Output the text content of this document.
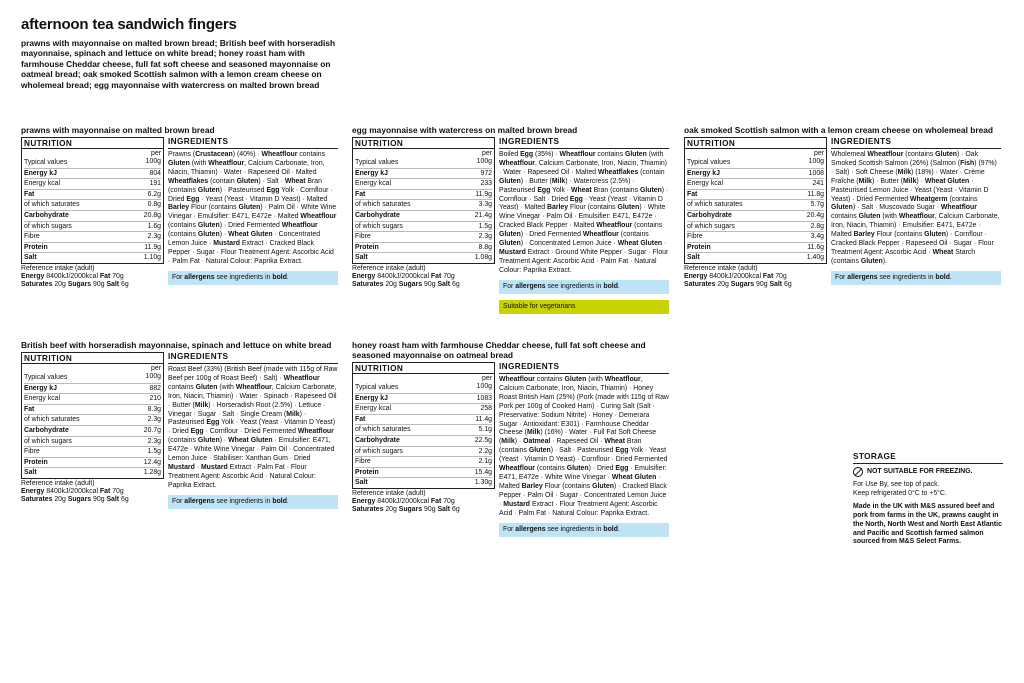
afternoon tea sandwich fingers
prawns with mayonnaise on malted brown bread; British beef with horseradish mayonnaise, spinach and lettuce on white bread; honey roast ham with farmhouse Cheddar cheese, full fat soft cheese and seasoned mayonnaise on oatmeal bread; oak smoked Scottish salmon with a lemon cream cheese on wholemeal bread; egg mayonnaise with watercress on malted brown bread
prawns with mayonnaise on malted brown bread
NUTRITION
per
100g
Typical values
Energy kJ	804
Energy kcal	191
Fat	6.2g
of which saturates	0.8g
Carbohydrate	20.8g
of which sugars	1.6g
Fibre	2.3g
Protein	11.9g
Salt	1.10g
Reference intake (adult)
Energy 8400kJ/2000kcal Fat 70g
Saturates 20g Sugars 90g Salt 6g
INGREDIENTS
Prawns (Crustacean) (40%) · Wheatflour contains Gluten (with Wheatflour, Calcium Carbonate, Iron, Niacin, Thiamin) · Water · Rapeseed Oil · Malted Wheatflakes (contain Gluten) · Salt · Wheat Bran (contains Gluten) · Pasteurised Egg Yolk · Cornflour · Dried Egg · Yeast (Yeast · Vitamin D Yeast) · Malted Barley Flour (contains Gluten) · Palm Oil · White Wine Vinegar · Emulsifier: E471, E472e · Malted Wheatflour (contains Gluten) · Dried Fermented Wheatflour (contains Gluten) · Wheat Gluten · Concentrated Lemon Juice · Mustard Extract · Cracked Black Pepper · Sugar · Flour Treatment Agent: Ascorbic Acid · Palm Fat · Natural Colour: Paprika Extract.
For allergens see ingredients in bold.
egg mayonnaise with watercress on malted brown bread
NUTRITION
per
100g
Typical values
Energy kJ	972
Energy kcal	233
Fat	11.9g
of which saturates	3.3g
Carbohydrate	21.4g
of which sugars	1.5g
Fibre	2.3g
Protein	8.8g
Salt	1.08g
Reference intake (adult)
Energy 8400kJ/2000kcal Fat 70g
Saturates 20g Sugars 90g Salt 6g
INGREDIENTS
Boiled Egg (35%) · Wheatflour contains Gluten (with Wheatflour, Calcium Carbonate, Iron, Niacin, Thiamin) · Water · Rapeseed Oil · Malted Wheatflakes (contain Gluten) · Butter (Milk) · Watercress (2.5%) · Pasteurised Egg Yolk · Wheat Bran (contains Gluten) · Cornflour · Salt · Dried Egg · Yeast (Yeast · Vitamin D Yeast) · Malted Barley Flour (contains Gluten) · White Wine Vinegar · Palm Oil · Emulsifier: E471, E472e · Cracked Black Pepper · Malted Wheatflour (contains Gluten) · Dried Fermented Wheatflour (contains Gluten) · Concentrated Lemon Juice · Wheat Gluten · Mustard Extract · Ground White Pepper · Sugar · Flour Treatment Agent: Ascorbic Acid · Palm Fat · Natural Colour: Paprika Extract.
For allergens see ingredients in bold.
Suitable for vegetarians
oak smoked Scottish salmon with a lemon cream cheese on wholemeal bread
NUTRITION
per
100g
Typical values
Energy kJ	1008
Energy kcal	241
Fat	11.8g
of which saturates	5.7g
Carbohydrate	20.4g
of which sugars	2.8g
Fibre	3.4g
Protein	11.6g
Salt	1.40g
Reference intake (adult)
Energy 8400kJ/2000kcal Fat 70g
Saturates 20g Sugars 90g Salt 6g
INGREDIENTS
Wholemeal Wheatflour (contains Gluten) · Oak Smoked Scottish Salmon (26%) (Salmon (Fish) (97%) · Salt) · Soft Cheese (Milk) (18%) · Water · Crème Fraîche (Milk) · Butter (Milk) · Wheat Gluten · Pasteurised Lemon Juice · Yeast (Yeast · Vitamin D Yeast) · Dried Fermented Wheatgerm (contains Gluten) · Salt · Muscovado Sugar · Wheatflour contains Gluten (with Wheatflour, Calcium Carbonate, Iron, Niacin, Thiamin) · Emulsifier: E471, E472e · Malted Barley Flour (contains Gluten) · Cornflour · Cracked Black Pepper · Rapeseed Oil · Sugar · Flour Treatment Agent: Ascorbic Acid · Wheat Starch (contains Gluten).
For allergens see ingredients in bold.
British beef with horseradish mayonnaise, spinach and lettuce on white bread
NUTRITION
per
100g
Typical values
Energy kJ	882
Energy kcal	210
Fat	8.3g
of which saturates	2.3g
Carbohydrate	20.7g
of which sugars	2.3g
Fibre	1.5g
Protein	12.4g
Salt	1.28g
Reference intake (adult)
Energy 8400kJ/2000kcal Fat 70g
Saturates 20g Sugars 90g Salt 6g
INGREDIENTS
Roast Beef (33%) (British Beef (made with 115g of Raw Beef per 100g of Roast Beef) · Salt) · Wheatflour contains Gluten (with Wheatflour, Calcium Carbonate, Iron, Niacin, Thiamin) · Water · Spinach · Rapeseed Oil · Butter (Milk) · Horseradish Root (2.5%) · Lettuce · Vinegar · Sugar · Salt · Single Cream (Milk) · Pasteurised Egg Yolk · Yeast (Yeast · Vitamin D Yeast) · Dried Egg · Cornflour · Dried Fermented Wheatflour (contains Gluten) · Wheat Gluten · Emulsifier: E471, E472e · White Wine Vinegar · Palm Oil · Concentrated Lemon Juice · Stabiliser: Xanthan Gum · Dried Mustard · Mustard Extract · Palm Fat · Flour Treatment Agent: Ascorbic Acid · Natural Colour: Paprika Extract.
For allergens see ingredients in bold.
honey roast ham with farmhouse Cheddar cheese, full fat soft cheese and seasoned mayonnaise on oatmeal bread
NUTRITION
per
100g
Typical values
Energy kJ	1083
Energy kcal	258
Fat	11.4g
of which saturates	5.1g
Carbohydrate	22.5g
of which sugars	2.2g
Fibre	2.1g
Protein	15.4g
Salt	1.30g
Reference intake (adult)
Energy 8400kJ/2000kcal Fat 70g
Saturates 20g Sugars 90g Salt 6g
INGREDIENTS
Wheatflour contains Gluten (with Wheatflour, Calcium Carbonate, Iron, Niacin, Thiamin) · Honey Roast British Ham (25%) (Pork (made with 115g of Raw Pork per 100g of Cooked Ham) · Curing Salt (Salt · Preservative: Sodium Nitrite) · Honey · Demerara Sugar · Antioxidant: E301) · Farmhouse Cheddar Cheese (Milk) (16%) · Water · Full Fat Soft Cheese (Milk) · Oatmeal · Rapeseed Oil · Wheat Bran (contains Gluten) · Salt · Pasteurised Egg Yolk · Yeast (Yeast · Vitamin D Yeast) · Cornflour · Dried Fermented Wheatflour (contains Gluten) · Dried Egg · Emulsifier: E471, E472e · White Wine Vinegar · Wheat Gluten · Malted Barley Flour (contains Gluten) · Cracked Black Pepper · Palm Oil · Sugar · Concentrated Lemon Juice · Mustard Extract · Flour Treatment Agent: Ascorbic Acid · Palm Fat · Natural Colour: Paprika Extract.
For allergens see ingredients in bold.
STORAGE
NOT SUITABLE FOR FREEZING.
For Use By, see top of pack.
Keep refrigerated 0°C to +5°C.
Made in the UK with M&S assured beef and pork from farms in the UK, prawns caught in the North, North West and North East Atlantic and Pacific and Scottish farmed salmon sourced from M&S Select Farms.
